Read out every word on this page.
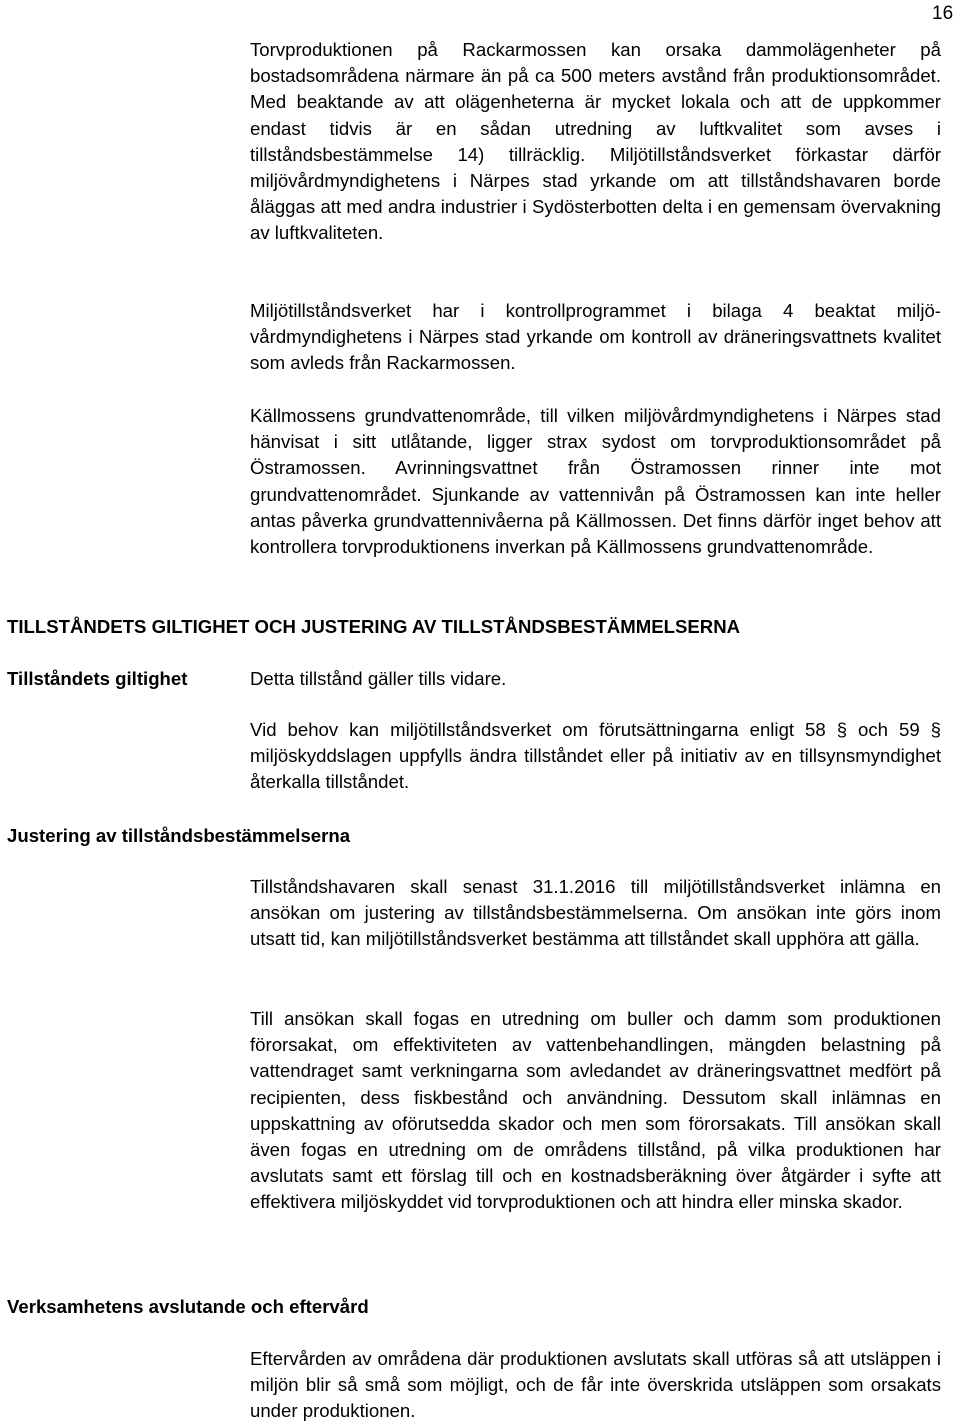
16

Torvproduktionen på Rackarmossen kan orsaka dammolägenheter på bostadsområdena närmare än på ca 500 meters avstånd från produktionsområdet. Med beaktande av att olägenheterna är mycket lokala och att de uppkommer endast tidvis är en sådan utredning av luftkvalitet som avses i tillståndsbestämmelse 14) tillräcklig. Miljötillståndsverket förkastar därför miljövårdmyndighetens i Närpes stad yrkande om att tillståndshavaren borde åläggas att med andra industrier i Sydösterbotten delta i en gemensam övervakning av luftkvaliteten.

Miljötillståndsverket har i kontrollprogrammet i bilaga 4 beaktat miljövårdmyndighetens i Närpes stad yrkande om kontroll av dräneringsvattnets kvalitet som avleds från Rackarmossen.

Källmossens grundvattenområde, till vilken miljövårdmyndighetens i Närpes stad hänvisat i sitt utlåtande, ligger strax sydost om torvproduktionsområdet på Östramossen. Avrinningsvattnet från Östramossen rinner inte mot grundvattenområdet. Sjunkande av vattennivån på Östramossen kan inte heller antas påverka grundvattennivåerna på Källmossen. Det finns därför inget behov att kontrollera torvproduktionens inverkan på Källmossens grundvattenområde.

TILLSTÅNDETS GILTIGHET OCH JUSTERING AV TILLSTÅNDSBESTÄMMELSERNA
Tillståndets giltighet	Detta tillstånd gäller tills vidare.

Vid behov kan miljötillståndsverket om förutsättningarna enligt 58 § och 59 § miljöskyddslagen uppfylls ändra tillståndet eller på initiativ av en tillsynsmyndighet återkalla tillståndet.

Justering av tillståndsbestämmelserna

Tillståndshavaren skall senast 31.1.2016 till miljötillståndsverket inlämna en ansökan om justering av tillståndsbestämmelserna. Om ansökan inte görs inom utsatt tid, kan miljötillståndsverket bestämma att tillståndet skall upphöra att gälla.

Till ansökan skall fogas en utredning om buller och damm som produktionen förorsakat, om effektiviteten av vattenbehandlingen, mängden belastning på vattendraget samt verkningarna som avledandet av dräneringsvattnet medfört på recipienten, dess fiskbestånd och användning. Dessutom skall inlämnas en uppskattning av oförutsedda skador och men som förorsakats. Till ansökan skall även fogas en utredning om de områdens tillstånd, på vilka produktionen har avslutats samt ett förslag till och en kostnadsberäkning över åtgärder i syfte att effektivera miljöskyddet vid torvproduktionen och att hindra eller minska skador.

Verksamhetens avslutande och eftervård

Eftervården av områdena där produktionen avslutats skall utföras så att utsläppen i miljön blir så små som möjligt, och de får inte överskrida utsläppen som orsakats under produktionen.
